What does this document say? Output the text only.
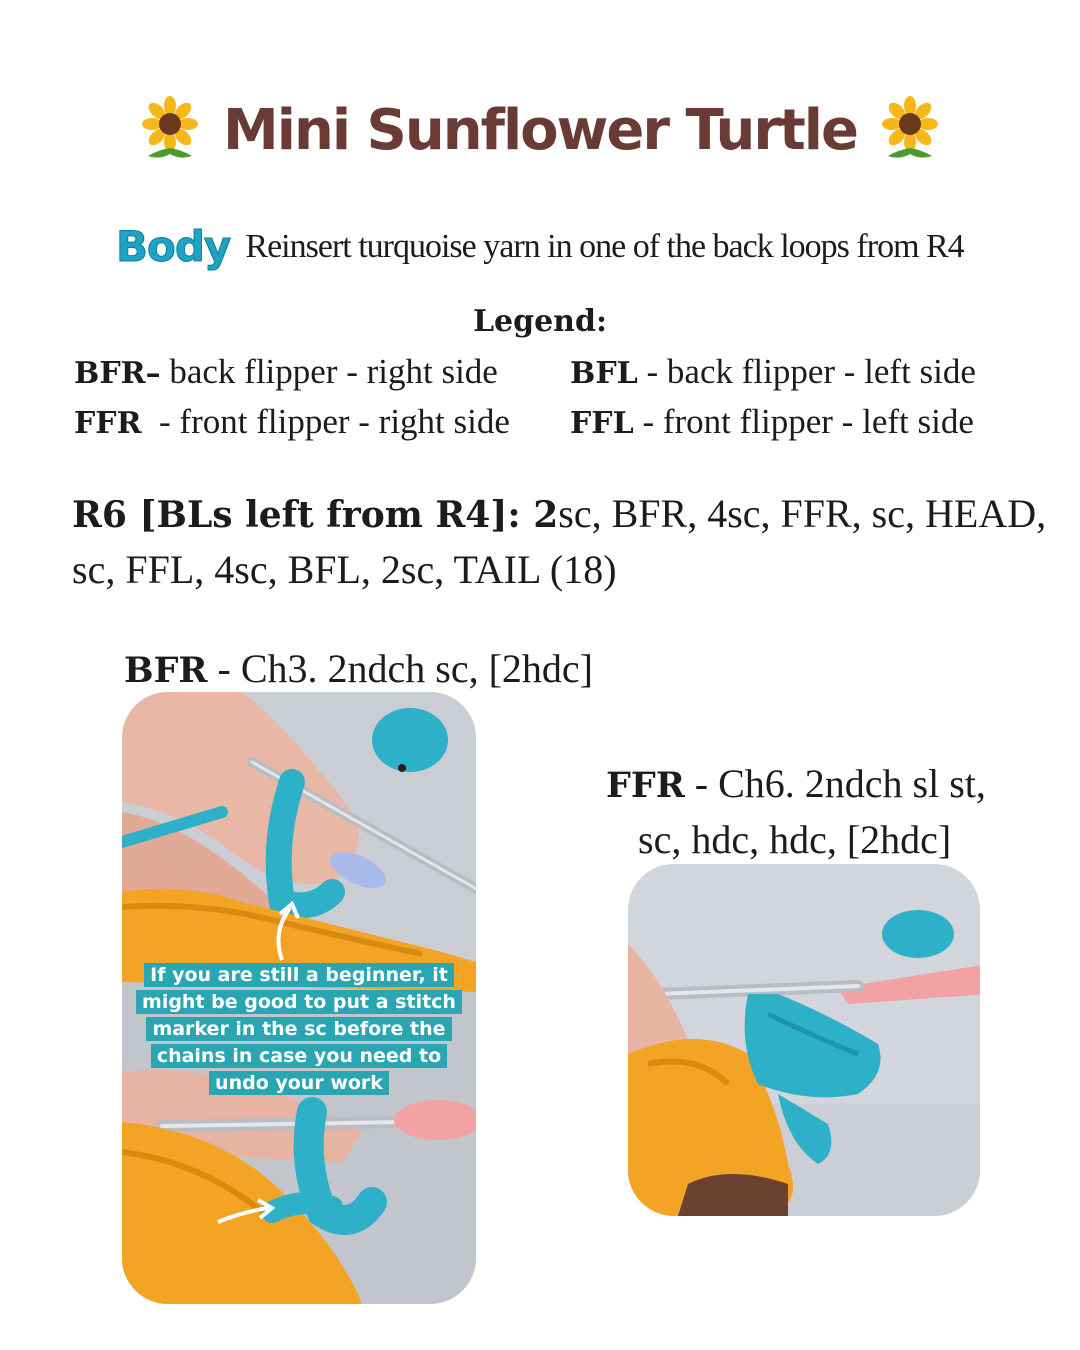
Mini Sunflower Turtle
Body Reinsert turquoise yarn in one of the back loops from R4
Legend:
BFR– back flipper - right side BFL - back flipper - left side
FFR  - front flipper - right side FFL - front flipper - left side
R6 [BLs left from R4]: 2sc, BFR, 4sc, FFR, sc, HEAD,
sc, FFL, 4sc, BFL, 2sc, TAIL (18)
BFR - Ch3. 2ndch sc, [2hdc]
FFR - Ch6. 2ndch sl st,
sc, hdc, hdc, [2hdc]
If you are still a beginner, it might be good to put a stitch marker in the sc before the chains in case you need to undo your work
